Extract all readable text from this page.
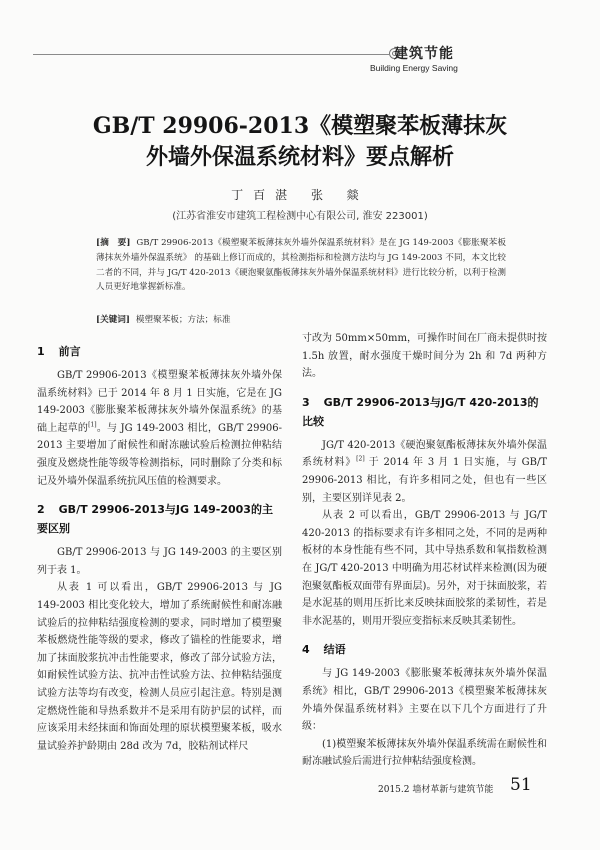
建筑节能
Building Energy Saving
GB/T 29906-2013《模塑聚苯板薄抹灰
外墙外保温系统材料》要点解析
丁百湛 张 燚
(江苏省淮安市建筑工程检测中心有限公司, 淮安 223001)
[摘　要] GB/T 29906-2013《模塑聚苯板薄抹灰外墙外保温系统材料》是在 JG 149-2003《膨胀聚苯板薄抹灰外墙外保温系统》 的基础上修订而成的，其检测指标和检测方法均与 JG 149-2003 不同，本文比较二者的不同，并与 JG/T 420-2013《硬泡聚氨酯板薄抹灰外墙外保温系统材料》进行比较分析，以利于检测人员更好地掌握新标准。
[关键词] 模塑聚苯板；方法；标准
1 前言

GB/T 29906-2013《模塑聚苯板薄抹灰外墙外保温系统材料》已于 2014 年 8 月 1 日实施，它是在 JG 149-2003《膨胀聚苯板薄抹灰外墙外保温系统》的基础上起草的[1]。与 JG 149-2003 相比，GB/T 29906-2013 主要增加了耐候性和耐冻融试验后检测拉伸粘结强度及燃烧性能等级等检测指标，同时删除了分类和标记及外墙外保温系统抗风压值的检测要求。

2 GB/T 29906-2013与JG 149-2003的主要区别

GB/T 29906-2013 与 JG 149-2003 的主要区别列于表 1。

从表 1 可以看出，GB/T 29906-2013 与 JG 149-2003 相比变化较大，增加了系统耐候性和耐冻融试验后的拉伸粘结强度检测的要求，同时增加了模塑聚苯板燃烧性能等级的要求，修改了锚栓的性能要求，增加了抹面胶浆抗冲击性能要求，修改了部分试验方法，如耐候性试验方法、抗冲击性试验方法、拉伸粘结强度试验方法等均有改变，检测人员应引起注意。特别是测定燃烧性能和导热系数并不是采用有防护层的试样，而应该采用未经抹面和饰面处理的原状模塑聚苯板，吸水量试验养护龄期由 28d 改为 7d，胶粘剂试样尺

寸改为 50mm×50mm，可操作时间在厂商未提供时按 1.5h 放置，耐水强度干燥时间分为 2h 和 7d 两种方法。

3 GB/T 29906-2013与JG/T 420-2013的比较

JG/T 420-2013《硬泡聚氨酯板薄抹灰外墙外保温系统材料》[2] 于 2014 年 3 月 1 日实施，与 GB/T 29906-2013 相比，有许多相同之处，但也有一些区别，主要区别详见表 2。

从表 2 可以看出，GB/T 29906-2013 与 JG/T 420-2013 的指标要求有许多相同之处，不同的是两种板材的本身性能有些不同，其中导热系数和氧指数检测在 JG/T 420-2013 中明确为用芯材试样来检测(因为硬泡聚氨酯板双面带有界面层)。另外，对于抹面胶浆，若是水泥基的则用压折比来反映抹面胶浆的柔韧性，若是非水泥基的，则用开裂应变指标来反映其柔韧性。

4 结语

与 JG 149-2003《膨胀聚苯板薄抹灰外墙外保温系统》相比，GB/T 29906-2013《模塑聚苯板薄抹灰外墙外保温系统材料》主要在以下几个方面进行了升级：

(1)模塑聚苯板薄抹灰外墙外保温系统需在耐候性和耐冻融试验后需进行拉伸粘结强度检测。

2015.2 墙材革新与建筑节能 51
